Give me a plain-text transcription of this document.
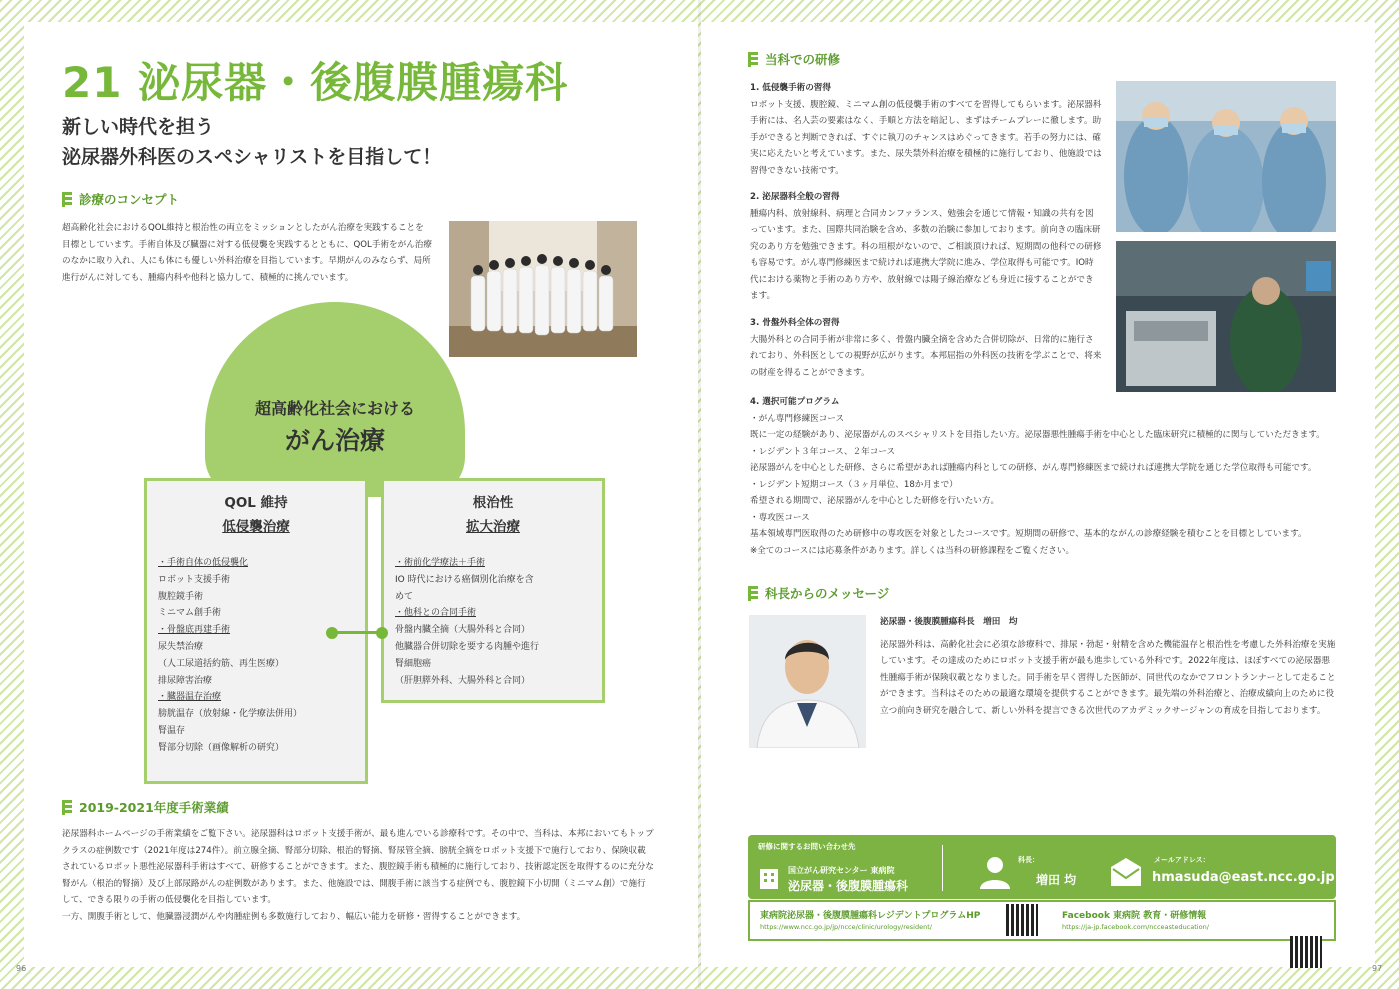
21 泌尿器・後腹膜腫瘍科
新しい時代を担う
泌尿器外科医のスペシャリストを目指して！
診療のコンセプト
超高齢化社会におけるQOL維持と根治性の両立をミッションとしたがん治療を実践することを目標としています。手術自体及び臓器に対する低侵襲を実践するとともに、QOL手術をがん治療のなかに取り入れ、人にも体にも優しい外科治療を目指しています。早期がんのみならず、局所進行がんに対しても、腫瘍内科や他科と協力して、積極的に挑んでいます。
超高齢化社会における
がん治療
QOL 維持
低侵襲治療
・手術自体の低侵襲化
ロボット支援手術
腹腔鏡手術
ミニマム創手術
・骨盤底再建手術
尿失禁治療
（人工尿道括約筋、再生医療）
排尿障害治療
・臓器温存治療
膀胱温存（放射線・化学療法併用）
腎温存
腎部分切除（画像解析の研究）
根治性
拡大治療
・術前化学療法＋手術
IO 時代における癌個別化治療を含
めて
・他科との合同手術
骨盤内臓全摘（大腸外科と合同）
他臓器合併切除を要する肉腫や進行
腎細胞癌
（肝胆膵外科、大腸外科と合同）
2019-2021年度手術業績
泌尿器科ホームページの手術業績をご覧下さい。泌尿器科はロボット支援手術が、最も進んでいる診療科です。その中で、当科は、本邦においてもトップクラスの症例数です（2021年度は274件）。前立腺全摘、腎部分切除、根治的腎摘、腎尿管全摘、膀胱全摘をロボット支援下で施行しており、保険収載されているロボット悪性泌尿器科手術はすべて、研修することができます。また、腹腔鏡手術も積極的に施行しており、技術認定医を取得するのに充分な腎がん（根治的腎摘）及び上部尿路がんの症例数があります。また、他施設では、開腹手術に該当する症例でも、腹腔鏡下小切開（ミニマム創）で施行して、できる限りの手術の低侵襲化を目指しています。
一方、開腹手術として、他臓器浸潤がんや肉腫症例も多数施行しており、幅広い能力を研修・習得することができます。
96
当科での研修
1. 低侵襲手術の習得
ロボット支援、腹腔鏡、ミニマム創の低侵襲手術のすべてを習得してもらいます。泌尿器科手術には、名人芸の要素はなく、手順と方法を暗記し、まずはチームプレーに徹します。助手ができると判断できれば、すぐに執刀のチャンスはめぐってきます。若手の努力には、確実に応えたいと考えています。また、尿失禁外科治療を積極的に施行しており、他施設では習得できない技術です。
2. 泌尿器科全般の習得
腫瘍内科、放射線科、病理と合同カンファランス、勉強会を通じて情報・知識の共有を図っています。また、国際共同治験を含め、多数の治験に参加しております。前向きの臨床研究のあり方を勉強できます。科の垣根がないので、ご相談頂ければ、短期間の他科での研修も容易です。がん専門修練医まで続ければ連携大学院に進み、学位取得も可能です。IO時代における薬物と手術のあり方や、放射線では陽子線治療なども身近に接することができます。
3. 骨盤外科全体の習得
大腸外科との合同手術が非常に多く、骨盤内臓全摘を含めた合併切除が、日常的に施行されており、外科医としての視野が広がります。本邦屈指の外科医の技術を学ぶことで、将来の財産を得ることができます。
4. 選択可能プログラム
・がん専門修練医コース
既に一定の経験があり、泌尿器がんのスペシャリストを目指したい方。泌尿器悪性腫瘍手術を中心とした臨床研究に積極的に関与していただきます。
・レジデント３年コース、２年コース
泌尿器がんを中心とした研修、さらに希望があれば腫瘍内科としての研修、がん専門修練医まで続ければ連携大学院を通じた学位取得も可能です。
・レジデント短期コース（３ヶ月単位、18か月まで）
希望される期間で、泌尿器がんを中心とした研修を行いたい方。
・専攻医コース
基本領域専門医取得のため研修中の専攻医を対象としたコースです。短期間の研修で、基本的ながんの診療経験を積むことを目標としています。
※全てのコースには応募条件があります。詳しくは当科の研修課程をご覧ください。
科長からのメッセージ
泌尿器・後腹膜腫瘍科長　増田　均
泌尿器外科は、高齢化社会に必須な診療科で、排尿・勃起・射精を含めた機能温存と根治性を考慮した外科治療を実施しています。その達成のためにロボット支援手術が最も進歩している外科です。2022年度は、ほぼすべての泌尿器悪性腫瘍手術が保険収載となりました。同手術を早く習得した医師が、同世代のなかでフロントランナーとして走ることができます。当科はそのための最適な環境を提供することができます。最先端の外科治療と、治療成績向上のために役立つ前向き研究を融合して、新しい外科を提言できる次世代のアカデミックサージャンの育成を目指しております。
研修に関するお問い合わせ先
国立がん研究センター 東病院
泌尿器・後腹膜腫瘍科
科長：
増田 均
メールアドレス：
hmasuda@east.ncc.go.jp
東病院泌尿器・後腹膜腫瘍科レジデントプログラムHP
https://www.ncc.go.jp/jp/ncce/clinic/urology/resident/
Facebook 東病院 教育・研修情報
https://ja-jp.facebook.com/ncceasteducation/
97
